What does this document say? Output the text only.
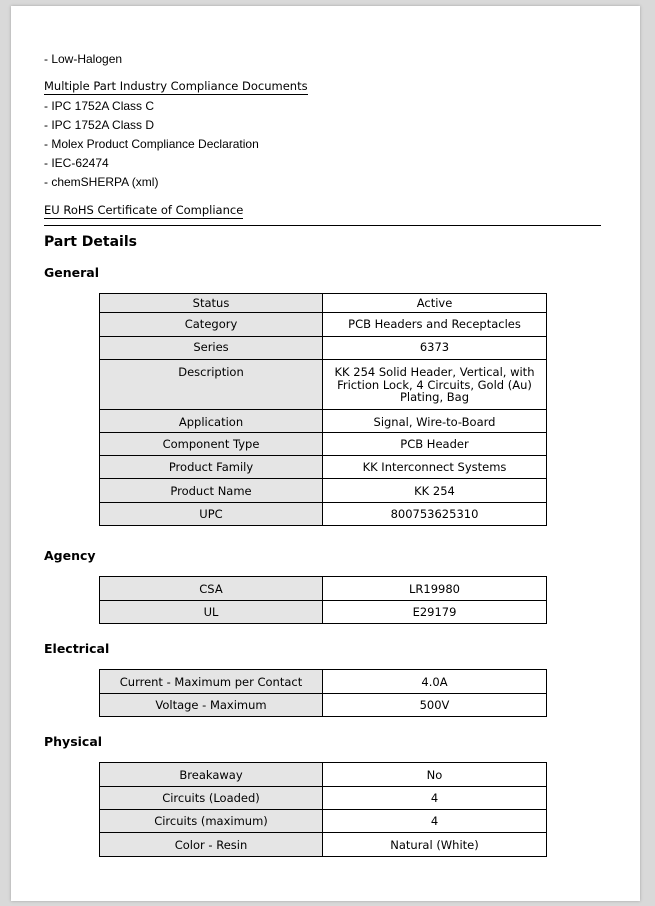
- Low-Halogen
Multiple Part Industry Compliance Documents
- IPC 1752A Class C
- IPC 1752A Class D
- Molex Product Compliance Declaration
- IEC-62474
- chemSHERPA (xml)
EU RoHS Certificate of Compliance
Part Details
General
Status	Active
Category	PCB Headers and Receptacles
Series	6373
Description	KK 254 Solid Header, Vertical, with Friction Lock, 4 Circuits, Gold (Au) Plating, Bag
Application	Signal, Wire-to-Board
Component Type	PCB Header
Product Family	KK Interconnect Systems
Product Name	KK 254
UPC	800753625310
Agency
CSA	LR19980
UL	E29179
Electrical
Current - Maximum per Contact	4.0A
Voltage - Maximum	500V
Physical
Breakaway	No
Circuits (Loaded)	4
Circuits (maximum)	4
Color - Resin	Natural (White)
